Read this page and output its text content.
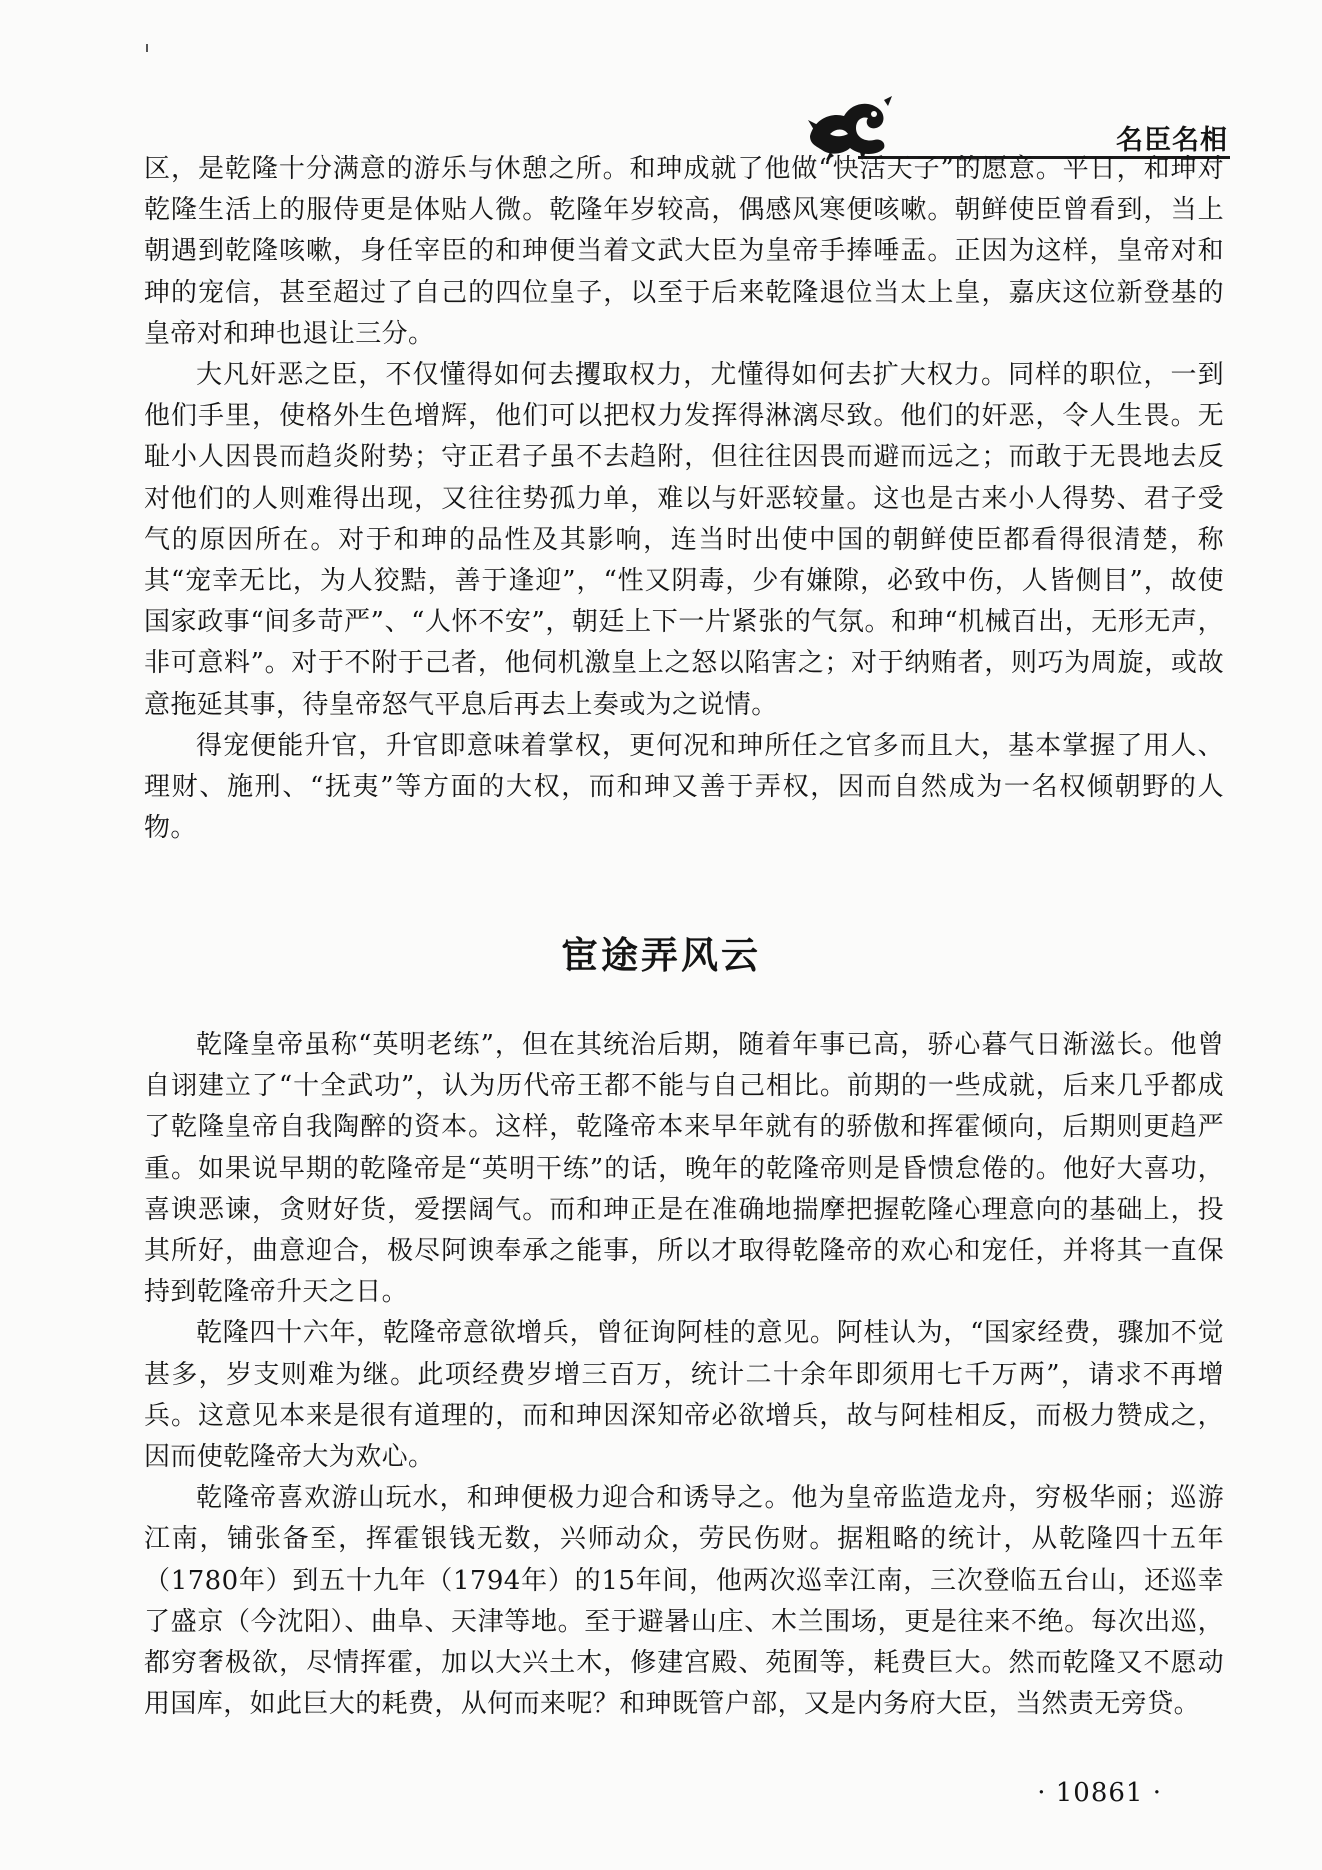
名臣名相

区，是乾隆十分满意的游乐与休憩之所。和珅成就了他做“快活天子”的愿意。平日，和珅对乾隆生活上的服侍更是体贴人微。乾隆年岁较高，偶感风寒便咳嗽。朝鲜使臣曾看到，当上朝遇到乾隆咳嗽，身任宰臣的和珅便当着文武大臣为皇帝手捧唾盂。正因为这样，皇帝对和珅的宠信，甚至超过了自己的四位皇子，以至于后来乾隆退位当太上皇，嘉庆这位新登基的皇帝对和珅也退让三分。

大凡奸恶之臣，不仅懂得如何去攫取权力，尤懂得如何去扩大权力。同样的职位，一到他们手里，使格外生色增辉，他们可以把权力发挥得淋漓尽致。他们的奸恶，令人生畏。无耻小人因畏而趋炎附势；守正君子虽不去趋附，但往往因畏而避而远之；而敢于无畏地去反对他们的人则难得出现，又往往势孤力单，难以与奸恶较量。这也是古来小人得势、君子受气的原因所在。对于和珅的品性及其影响，连当时出使中国的朝鲜使臣都看得很清楚，称其“宠幸无比，为人狡黠，善于逢迎”，“性又阴毒，少有嫌隙，必致中伤，人皆侧目”，故使国家政事“间多苛严”、“人怀不安”，朝廷上下一片紧张的气氛。和珅“机械百出，无形无声，非可意料”。对于不附于己者，他伺机激皇上之怒以陷害之；对于纳贿者，则巧为周旋，或故意拖延其事，待皇帝怒气平息后再去上奏或为之说情。

得宠便能升官，升官即意味着掌权，更何况和珅所任之官多而且大，基本掌握了用人、理财、施刑、“抚夷”等方面的大权，而和珅又善于弄权，因而自然成为一名权倾朝野的人物。

宦途弄风云

乾隆皇帝虽称“英明老练”，但在其统治后期，随着年事已高，骄心暮气日渐滋长。他曾自诩建立了“十全武功”，认为历代帝王都不能与自己相比。前期的一些成就，后来几乎都成了乾隆皇帝自我陶醉的资本。这样，乾隆帝本来早年就有的骄傲和挥霍倾向，后期则更趋严重。如果说早期的乾隆帝是“英明干练”的话，晚年的乾隆帝则是昏愦怠倦的。他好大喜功，喜谀恶谏，贪财好货，爱摆阔气。而和珅正是在准确地揣摩把握乾隆心理意向的基础上，投其所好，曲意迎合，极尽阿谀奉承之能事，所以才取得乾隆帝的欢心和宠任，并将其一直保持到乾隆帝升天之日。

乾隆四十六年，乾隆帝意欲增兵，曾征询阿桂的意见。阿桂认为，“国家经费，骤加不觉甚多，岁支则难为继。此项经费岁增三百万，统计二十余年即须用七千万两”，请求不再增兵。这意见本来是很有道理的，而和珅因深知帝必欲增兵，故与阿桂相反，而极力赞成之，因而使乾隆帝大为欢心。

乾隆帝喜欢游山玩水，和珅便极力迎合和诱导之。他为皇帝监造龙舟，穷极华丽；巡游江南，铺张备至，挥霍银钱无数，兴师动众，劳民伤财。据粗略的统计，从乾隆四十五年（1780年）到五十九年（1794年）的15年间，他两次巡幸江南，三次登临五台山，还巡幸了盛京（今沈阳）、曲阜、天津等地。至于避暑山庄、木兰围场，更是往来不绝。每次出巡，都穷奢极欲，尽情挥霍，加以大兴土木，修建宫殿、苑囿等，耗费巨大。然而乾隆又不愿动用国库，如此巨大的耗费，从何而来呢？和珅既管户部，又是内务府大臣，当然责无旁贷。

· 10861 ·
